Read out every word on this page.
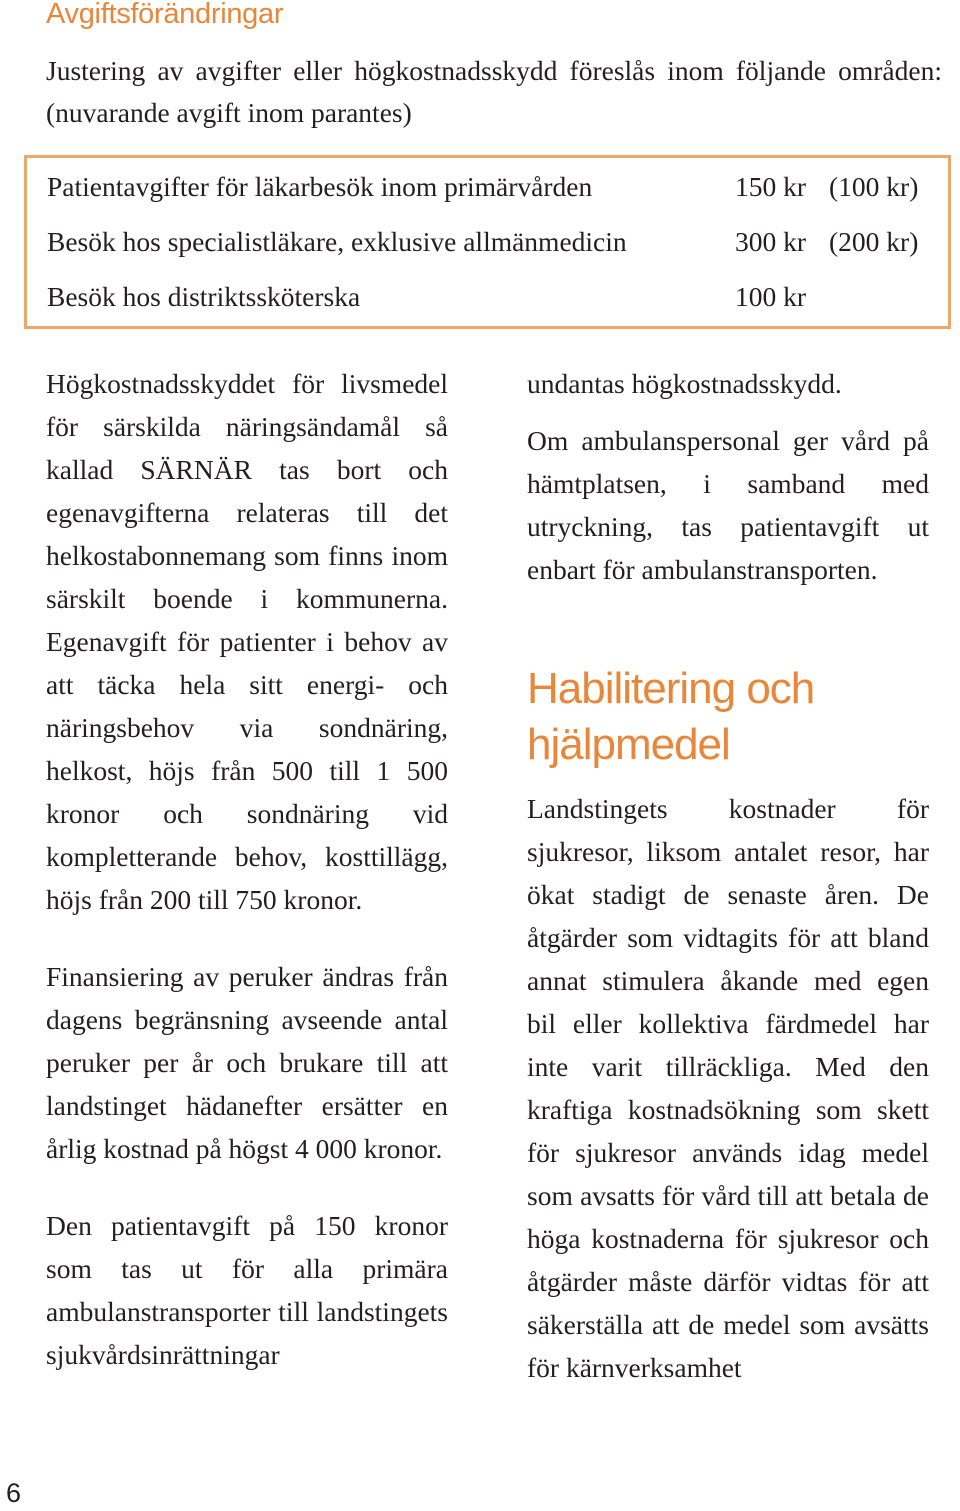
Avgiftsförändringar
Justering av avgifter eller högkostnadsskydd föreslås inom följande områden: (nuvarande avgift inom parantes)
Patientavgifter för läkarbesök inom primärvården	150 kr (100 kr)
Besök hos specialistläkare, exklusive allmänmedicin	300 kr (200 kr)
Besök hos distriktssköterska	100 kr

Högkostnadsskyddet för livsmedel för särskilda näringsändamål så kallad SÄRNÄR tas bort och egenavgifterna relateras till det helkostabonnemang som finns inom särskilt boende i kommunerna. Egenavgift för patienter i behov av att täcka hela sitt energi- och näringsbehov via sondnäring, helkost, höjs från 500 till 1 500 kronor och sondnäring vid kompletterande behov, kosttillägg, höjs från 200 till 750 kronor.

Finansiering av peruker ändras från dagens begränsning avseende antal peruker per år och brukare till att landstinget hädanefter ersätter en årlig kostnad på högst 4 000 kronor.

Den patientavgift på 150 kronor som tas ut för alla primära ambulanstransporter till landstingets sjukvårdsinrättningar

undantas högkostnadsskydd.

Om ambulanspersonal ger vård på hämtplatsen, i samband med utryckning, tas patientavgift ut enbart för ambulanstransporten.

Habilitering och hjälpmedel

Landstingets kostnader för sjukresor, liksom antalet resor, har ökat stadigt de senaste åren. De åtgärder som vidtagits för att bland annat stimulera åkande med egen bil eller kollektiva färdmedel har inte varit tillräckliga. Med den kraftiga kostnadsökning som skett för sjukresor används idag medel som avsatts för vård till att betala de höga kostnaderna för sjukresor och åtgärder måste därför vidtas för att säkerställa att de medel som avsätts för kärnverksamhet

6
